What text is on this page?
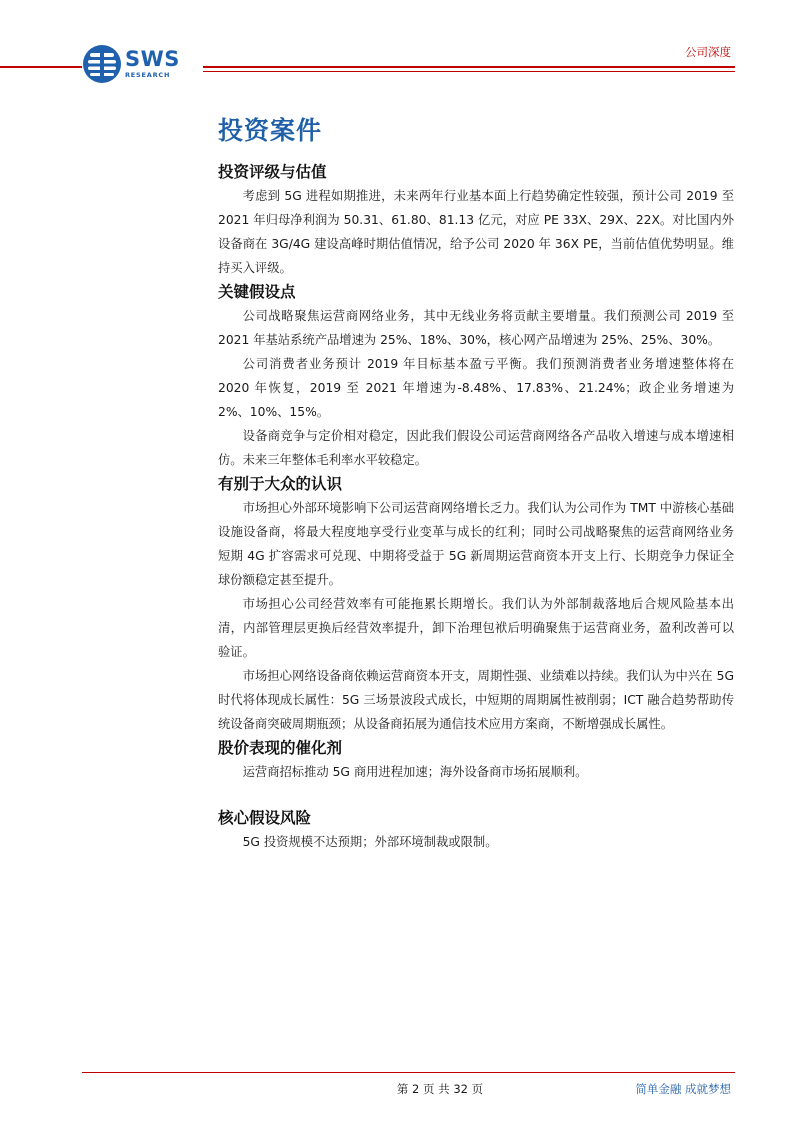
SWS
RESEARCH
公司深度
投资案件
投资评级与估值

考虑到 5G 进程如期推进，未来两年行业基本面上行趋势确定性较强，预计公司 2019 至 2021 年归母净利润为 50.31、61.80、81.13 亿元，对应 PE 33X、29X、22X。对比国内外设备商在 3G/4G 建设高峰时期估值情况，给予公司 2020 年 36X PE，当前估值优势明显。维持买入评级。

关键假设点

公司战略聚焦运营商网络业务，其中无线业务将贡献主要增量。我们预测公司 2019 至 2021 年基站系统产品增速为 25%、18%、30%，核心网产品增速为 25%、25%、30%。

公司消费者业务预计 2019 年目标基本盈亏平衡。我们预测消费者业务增速整体将在 2020 年恢复，2019 至 2021 年增速为-8.48%、17.83%、21.24%；政企业务增速为 2%、10%、15%。

设备商竞争与定价相对稳定，因此我们假设公司运营商网络各产品收入增速与成本增速相仿。未来三年整体毛利率水平较稳定。

有别于大众的认识

市场担心外部环境影响下公司运营商网络增长乏力。我们认为公司作为 TMT 中游核心基础设施设备商，将最大程度地享受行业变革与成长的红利；同时公司战略聚焦的运营商网络业务短期 4G 扩容需求可兑现、中期将受益于 5G 新周期运营商资本开支上行、长期竞争力保证全球份额稳定甚至提升。

市场担心公司经营效率有可能拖累长期增长。我们认为外部制裁落地后合规风险基本出清，内部管理层更换后经营效率提升，卸下治理包袱后明确聚焦于运营商业务，盈利改善可以验证。

市场担心网络设备商依赖运营商资本开支，周期性强、业绩难以持续。我们认为中兴在 5G 时代将体现成长属性：5G 三场景波段式成长，中短期的周期属性被削弱；ICT 融合趋势帮助传统设备商突破周期瓶颈；从设备商拓展为通信技术应用方案商，不断增强成长属性。

股价表现的催化剂

运营商招标推动 5G 商用进程加速；海外设备商市场拓展顺利。

核心假设风险

5G 投资规模不达预期；外部环境制裁或限制。

第 2 页 共 32 页	简单金融 成就梦想
